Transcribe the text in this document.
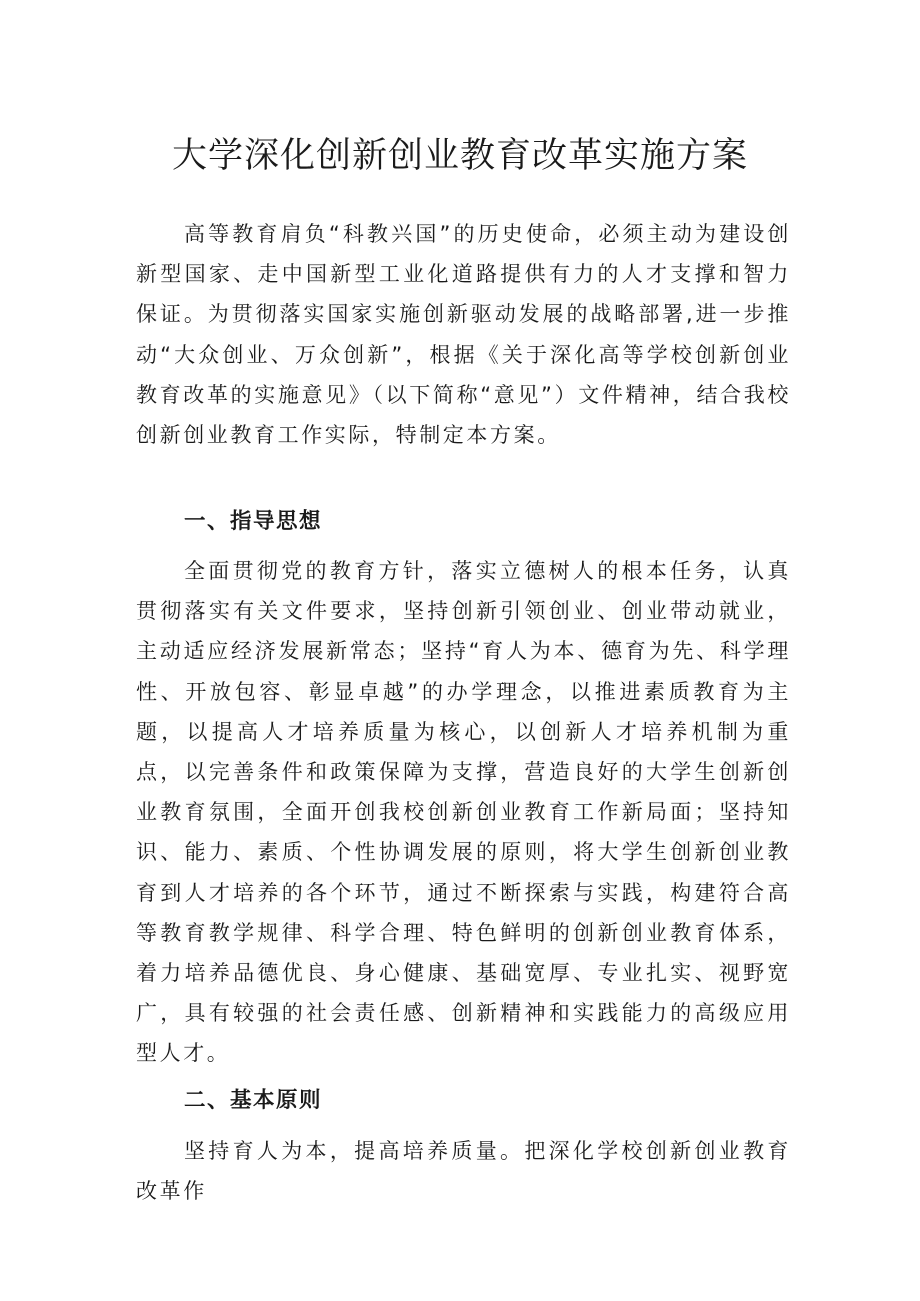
大学深化创新创业教育改革实施方案

高等教育肩负“科教兴国”的历史使命，必须主动为建设创新型国家、走中国新型工业化道路提供有力的人才支撑和智力保证。为贯彻落实国家实施创新驱动发展的战略部署,进一步推动“大众创业、万众创新”，根据《关于深化高等学校创新创业教育改革的实施意见》（以下简称“意见”）文件精神，结合我校创新创业教育工作实际，特制定本方案。

一、指导思想

全面贯彻党的教育方针，落实立德树人的根本任务，认真贯彻落实有关文件要求，坚持创新引领创业、创业带动就业，主动适应经济发展新常态；坚持“育人为本、德育为先、科学理性、开放包容、彰显卓越”的办学理念，以推进素质教育为主题，以提高人才培养质量为核心，以创新人才培养机制为重点，以完善条件和政策保障为支撑，营造良好的大学生创新创业教育氛围，全面开创我校创新创业教育工作新局面；坚持知识、能力、素质、个性协调发展的原则，将大学生创新创业教育到人才培养的各个环节，通过不断探索与实践，构建符合高等教育教学规律、科学合理、特色鲜明的创新创业教育体系，着力培养品德优良、身心健康、基础宽厚、专业扎实、视野宽广，具有较强的社会责任感、创新精神和实践能力的高级应用型人才。

二、基本原则

坚持育人为本，提高培养质量。把深化学校创新创业教育改革作
